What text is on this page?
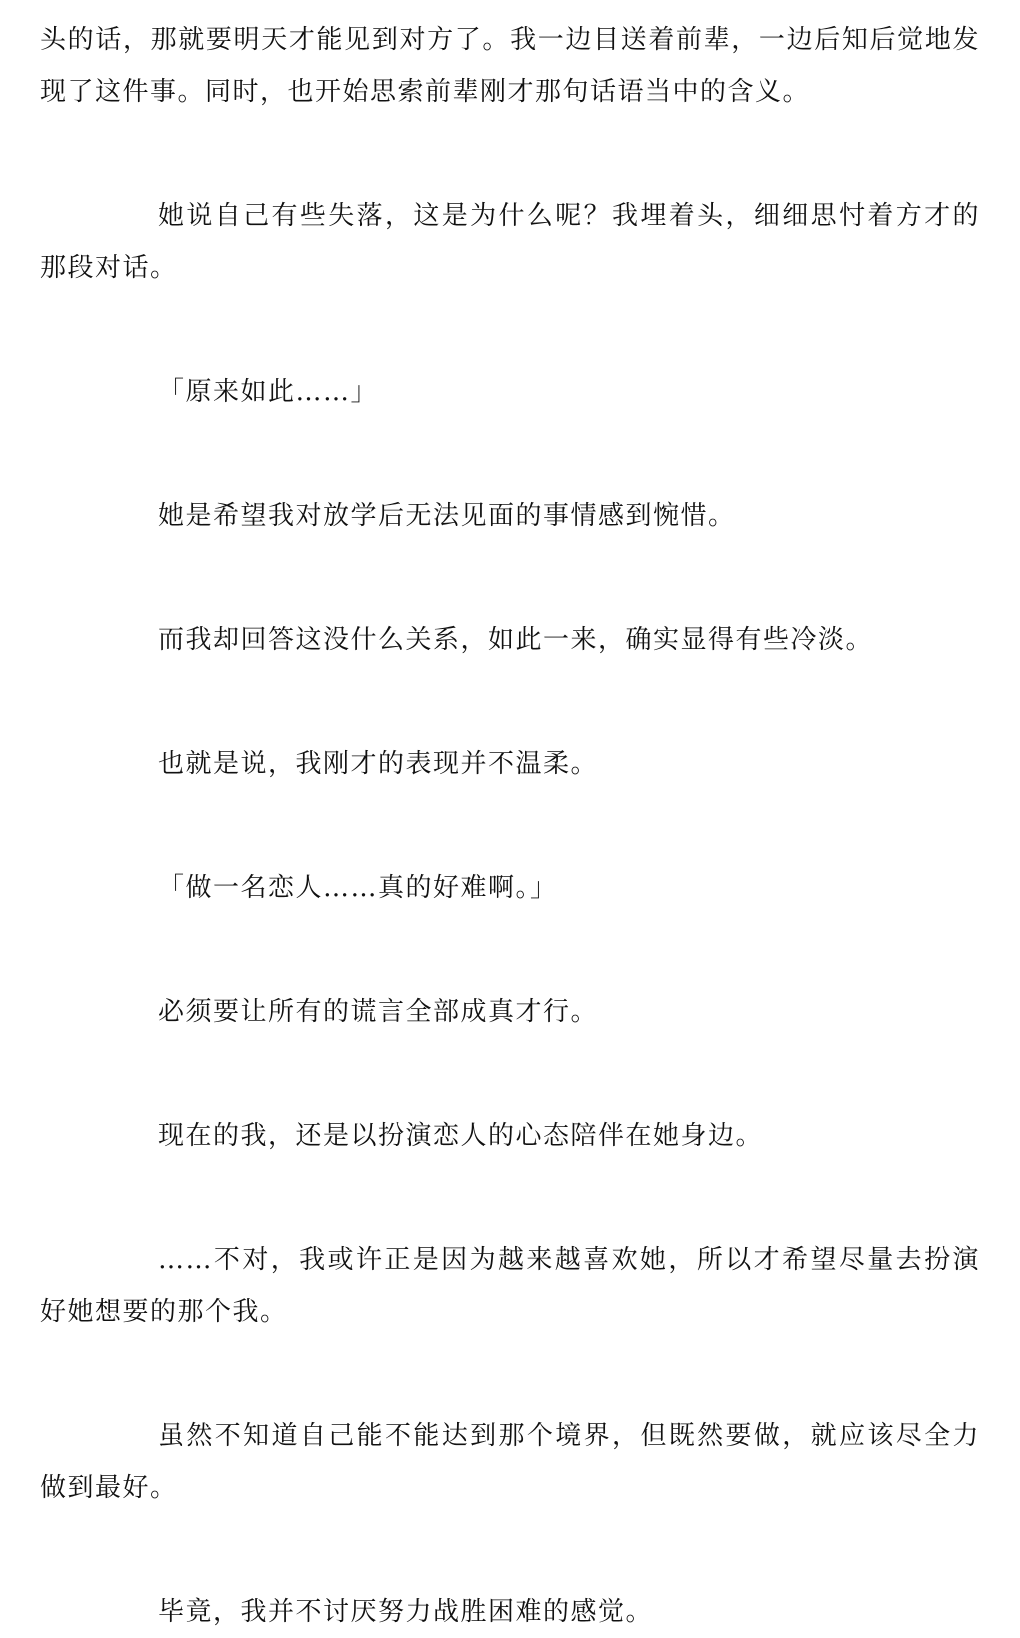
头的话，那就要明天才能见到对方了。我一边目送着前辈，一边后知后觉地发现了这件事。同时，也开始思索前辈刚才那句话语当中的含义。

她说自己有些失落，这是为什么呢？我埋着头，细细思忖着方才的那段对话。

「原来如此……」

她是希望我对放学后无法见面的事情感到惋惜。

而我却回答这没什么关系，如此一来，确实显得有些冷淡。

也就是说，我刚才的表现并不温柔。

「做一名恋人……真的好难啊。」

必须要让所有的谎言全部成真才行。

现在的我，还是以扮演恋人的心态陪伴在她身边。

……不对，我或许正是因为越来越喜欢她，所以才希望尽量去扮演好她想要的那个我。

虽然不知道自己能不能达到那个境界，但既然要做，就应该尽全力做到最好。

毕竟，我并不讨厌努力战胜困难的感觉。
